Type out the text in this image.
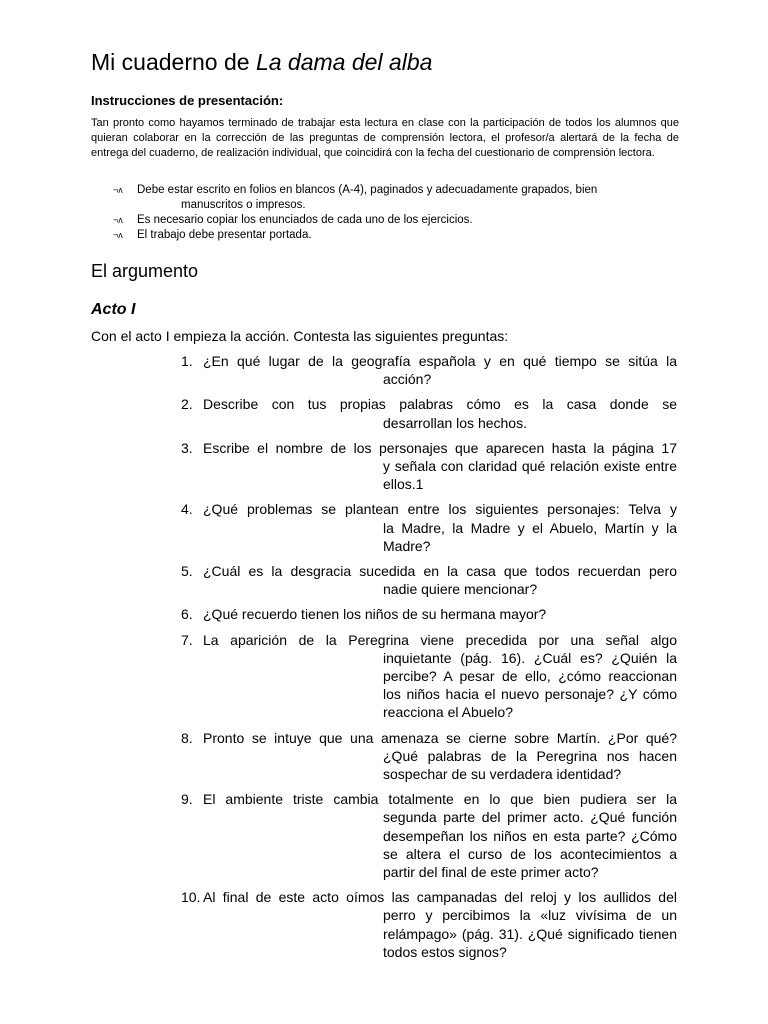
Mi cuaderno de La dama del alba
Instrucciones de presentación:

Tan pronto como hayamos terminado de trabajar esta lectura en clase con la participación de todos los alumnos que quieran colaborar en la corrección de las preguntas de comprensión lectora, el profesor/a alertará de la fecha de entrega del cuaderno, de realización individual, que coincidirá con la fecha del cuestionario de comprensión lectora.

¬ᴧ	Debe estar escrito en folios en blancos (A-4), paginados y adecuadamente grapados, bien
manuscritos o impresos.
¬ᴧ	Es necesario copiar los enunciados de cada uno de los ejercicios.
¬ᴧ	El trabajo debe presentar portada.
El argumento
Acto I

Con el acto I empieza la acción. Contesta las siguientes preguntas:

1. ¿En qué lugar de la geografía española y en qué tiempo se sitúa la
acción?
2. Describe con tus propias palabras cómo es la casa donde se
desarrollan los hechos.
3. Escribe el nombre de los personajes que aparecen hasta la página 17
y señala con claridad qué relación existe entre ellos.1
4. ¿Qué problemas se plantean entre los siguientes personajes: Telva y
la Madre, la Madre y el Abuelo, Martín y la Madre?
5. ¿Cuál es la desgracia sucedida en la casa que todos recuerdan pero
nadie quiere mencionar?
6. ¿Qué recuerdo tienen los niños de su hermana mayor?
7. La aparición de la Peregrina viene precedida por una señal algo
inquietante (pág. 16). ¿Cuál es? ¿Quién la percibe? A pesar de ello, ¿cómo reaccionan los niños hacia el nuevo personaje? ¿Y cómo reacciona el Abuelo?
8. Pronto se intuye que una amenaza se cierne sobre Martín. ¿Por qué?
¿Qué palabras de la Peregrina nos hacen sospechar de su verdadera identidad?
9. El ambiente triste cambia totalmente en lo que bien pudiera ser la
segunda parte del primer acto. ¿Qué función desempeñan los niños en esta parte? ¿Cómo se altera el curso de los acontecimientos a partir del final de este primer acto?
10. Al final de este acto oímos las campanadas del reloj y los aullidos del
perro y percibimos la «luz vivísima de un relámpago» (pág. 31). ¿Qué significado tienen todos estos signos?
